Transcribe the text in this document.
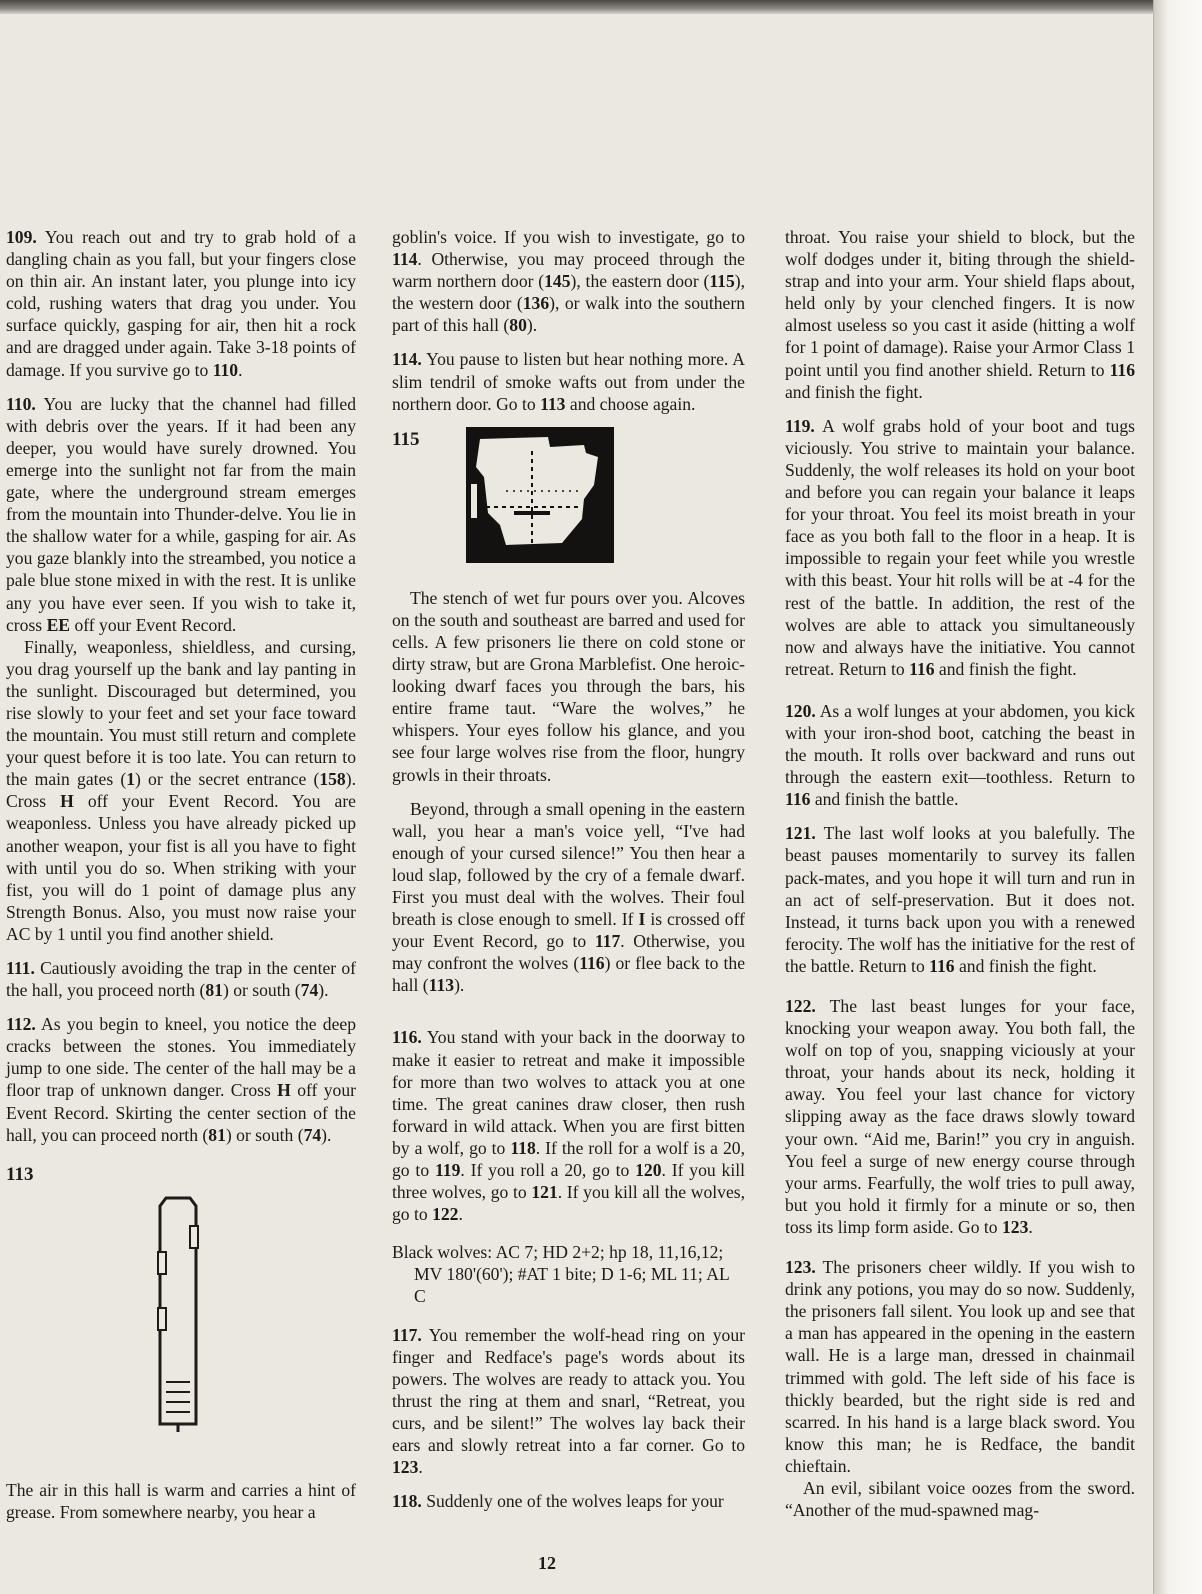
109. You reach out and try to grab hold of a dangling chain as you fall, but your fingers close on thin air. An instant later, you plunge into icy cold, rushing waters that drag you under. You surface quickly, gasping for air, then hit a rock and are dragged under again. Take 3-18 points of damage. If you survive go to 110.

110. You are lucky that the channel had filled with debris over the years. If it had been any deeper, you would have surely drowned. You emerge into the sunlight not far from the main gate, where the underground stream emerges from the mountain into Thunder-delve. You lie in the shallow water for a while, gasping for air. As you gaze blankly into the streambed, you notice a pale blue stone mixed in with the rest. It is unlike any you have ever seen. If you wish to take it, cross EE off your Event Record.

Finally, weaponless, shieldless, and cursing, you drag yourself up the bank and lay panting in the sunlight. Discouraged but determined, you rise slowly to your feet and set your face toward the mountain. You must still return and complete your quest before it is too late. You can return to the main gates (1) or the secret entrance (158). Cross H off your Event Record. You are weaponless. Unless you have already picked up another weapon, your fist is all you have to fight with until you do so. When striking with your fist, you will do 1 point of damage plus any Strength Bonus. Also, you must now raise your AC by 1 until you find another shield.

111. Cautiously avoiding the trap in the center of the hall, you proceed north (81) or south (74).

112. As you begin to kneel, you notice the deep cracks between the stones. You immediately jump to one side. The center of the hall may be a floor trap of unknown danger. Cross H off your Event Record. Skirting the center section of the hall, you can proceed north (81) or south (74).

113

The air in this hall is warm and carries a hint of grease. From somewhere nearby, you hear a

goblin's voice. If you wish to investigate, go to 114. Otherwise, you may proceed through the warm northern door (145), the eastern door (115), the western door (136), or walk into the southern part of this hall (80).

114. You pause to listen but hear nothing more. A slim tendril of smoke wafts out from under the northern door. Go to 113 and choose again.

115

The stench of wet fur pours over you. Alcoves on the south and southeast are barred and used for cells. A few prisoners lie there on cold stone or dirty straw, but are Grona Marblefist. One heroic-looking dwarf faces you through the bars, his entire frame taut. “Ware the wolves,” he whispers. Your eyes follow his glance, and you see four large wolves rise from the floor, hungry growls in their throats.

Beyond, through a small opening in the eastern wall, you hear a man's voice yell, “I've had enough of your cursed silence!” You then hear a loud slap, followed by the cry of a female dwarf. First you must deal with the wolves. Their foul breath is close enough to smell. If I is crossed off your Event Record, go to 117. Otherwise, you may confront the wolves (116) or flee back to the hall (113).

116. You stand with your back in the doorway to make it easier to retreat and make it impossible for more than two wolves to attack you at one time. The great canines draw closer, then rush forward in wild attack. When you are first bitten by a wolf, go to 118. If the roll for a wolf is a 20, go to 119. If you roll a 20, go to 120. If you kill three wolves, go to 121. If you kill all the wolves, go to 122.

Black wolves: AC 7; HD 2+2; hp 18, 11,16,12; MV 180'(60'); #AT 1 bite; D 1-6; ML 11; AL C

117. You remember the wolf-head ring on your finger and Redface's page's words about its powers. The wolves are ready to attack you. You thrust the ring at them and snarl, “Retreat, you curs, and be silent!” The wolves lay back their ears and slowly retreat into a far corner. Go to 123.

118. Suddenly one of the wolves leaps for your

throat. You raise your shield to block, but the wolf dodges under it, biting through the shield-strap and into your arm. Your shield flaps about, held only by your clenched fingers. It is now almost useless so you cast it aside (hitting a wolf for 1 point of damage). Raise your Armor Class 1 point until you find another shield. Return to 116 and finish the fight.

119. A wolf grabs hold of your boot and tugs viciously. You strive to maintain your balance. Suddenly, the wolf releases its hold on your boot and before you can regain your balance it leaps for your throat. You feel its moist breath in your face as you both fall to the floor in a heap. It is impossible to regain your feet while you wrestle with this beast. Your hit rolls will be at -4 for the rest of the battle. In addition, the rest of the wolves are able to attack you simultaneously now and always have the initiative. You cannot retreat. Return to 116 and finish the fight.

120. As a wolf lunges at your abdomen, you kick with your iron-shod boot, catching the beast in the mouth. It rolls over backward and runs out through the eastern exit—toothless. Return to 116 and finish the battle.

121. The last wolf looks at you balefully. The beast pauses momentarily to survey its fallen pack-mates, and you hope it will turn and run in an act of self-preservation. But it does not. Instead, it turns back upon you with a renewed ferocity. The wolf has the initiative for the rest of the battle. Return to 116 and finish the fight.

122. The last beast lunges for your face, knocking your weapon away. You both fall, the wolf on top of you, snapping viciously at your throat, your hands about its neck, holding it away. You feel your last chance for victory slipping away as the face draws slowly toward your own. “Aid me, Barin!” you cry in anguish. You feel a surge of new energy course through your arms. Fearfully, the wolf tries to pull away, but you hold it firmly for a minute or so, then toss its limp form aside. Go to 123.

123. The prisoners cheer wildly. If you wish to drink any potions, you may do so now. Suddenly, the prisoners fall silent. You look up and see that a man has appeared in the opening in the eastern wall. He is a large man, dressed in chainmail trimmed with gold. The left side of his face is thickly bearded, but the right side is red and scarred. In his hand is a large black sword. You know this man; he is Redface, the bandit chieftain.

An evil, sibilant voice oozes from the sword. “Another of the mud-spawned mag-

12
